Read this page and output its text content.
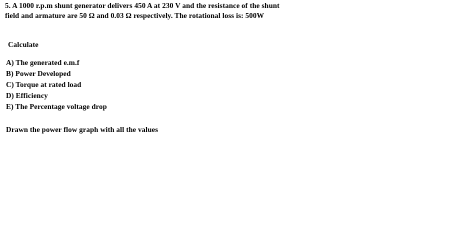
5. A 1000 r.p.m shunt generator delivers 450 A at 230 V and the resistance of the shunt
field and armature are 50 Ω and 0.03 Ω respectively. The rotational loss is: 500W
Calculate
A) The generated e.m.f
B) Power Developed
C) Torque at rated load
D) Efficiency
E) The Percentage voltage drop
Drawn the power flow graph with all the values
